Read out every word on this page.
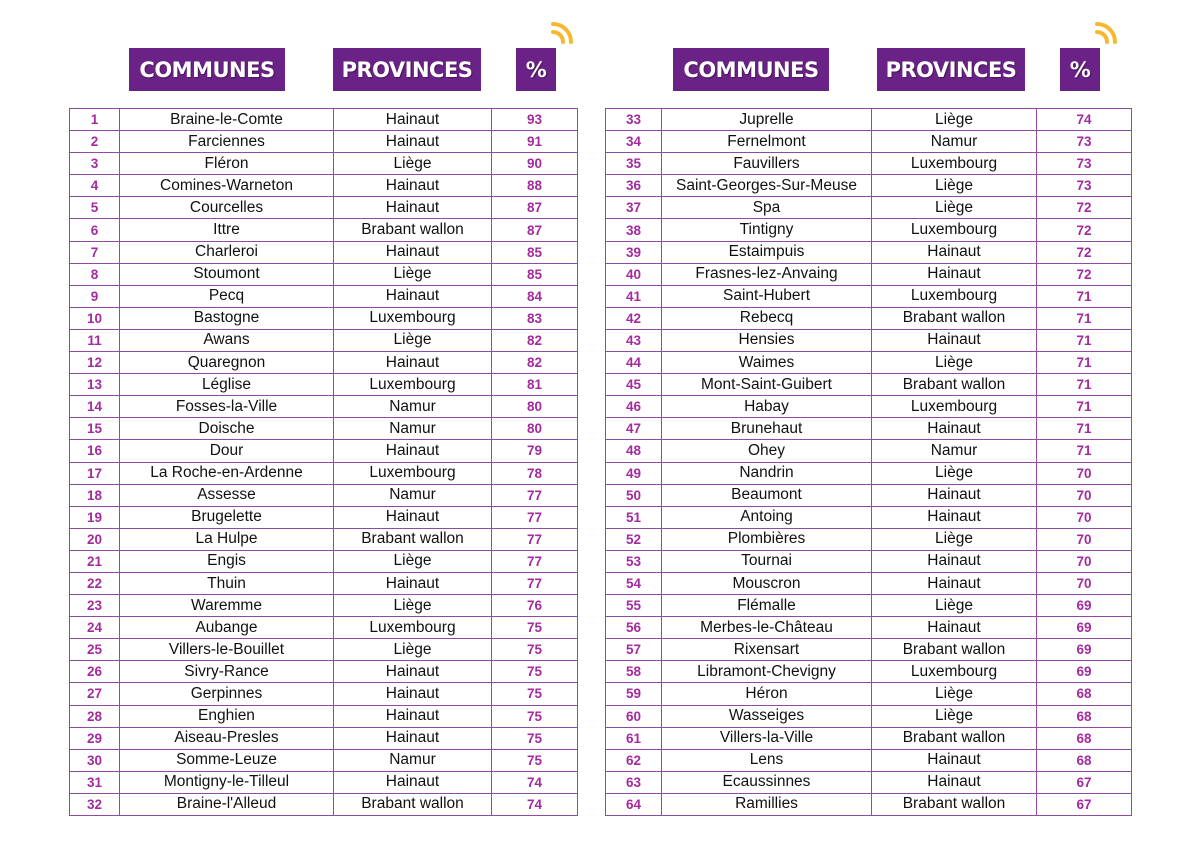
COMMUNES	PROVINCES	%	COMMUNES	PROVINCES	%
1	Braine-le-Comte	Hainaut	93
2	Farciennes	Hainaut	91
3	Fléron	Liège	90
4	Comines-Warneton	Hainaut	88
5	Courcelles	Hainaut	87
6	Ittre	Brabant wallon	87
7	Charleroi	Hainaut	85
8	Stoumont	Liège	85
9	Pecq	Hainaut	84
10	Bastogne	Luxembourg	83
11	Awans	Liège	82
12	Quaregnon	Hainaut	82
13	Léglise	Luxembourg	81
14	Fosses-la-Ville	Namur	80
15	Doische	Namur	80
16	Dour	Hainaut	79
17	La Roche-en-Ardenne	Luxembourg	78
18	Assesse	Namur	77
19	Brugelette	Hainaut	77
20	La Hulpe	Brabant wallon	77
21	Engis	Liège	77
22	Thuin	Hainaut	77
23	Waremme	Liège	76
24	Aubange	Luxembourg	75
25	Villers-le-Bouillet	Liège	75
26	Sivry-Rance	Hainaut	75
27	Gerpinnes	Hainaut	75
28	Enghien	Hainaut	75
29	Aiseau-Presles	Hainaut	75
30	Somme-Leuze	Namur	75
31	Montigny-le-Tilleul	Hainaut	74
32	Braine-l'Alleud	Brabant wallon	74
33	Juprelle	Liège	74
34	Fernelmont	Namur	73
35	Fauvillers	Luxembourg	73
36	Saint-Georges-Sur-Meuse	Liège	73
37	Spa	Liège	72
38	Tintigny	Luxembourg	72
39	Estaimpuis	Hainaut	72
40	Frasnes-lez-Anvaing	Hainaut	72
41	Saint-Hubert	Luxembourg	71
42	Rebecq	Brabant wallon	71
43	Hensies	Hainaut	71
44	Waimes	Liège	71
45	Mont-Saint-Guibert	Brabant wallon	71
46	Habay	Luxembourg	71
47	Brunehaut	Hainaut	71
48	Ohey	Namur	71
49	Nandrin	Liège	70
50	Beaumont	Hainaut	70
51	Antoing	Hainaut	70
52	Plombières	Liège	70
53	Tournai	Hainaut	70
54	Mouscron	Hainaut	70
55	Flémalle	Liège	69
56	Merbes-le-Château	Hainaut	69
57	Rixensart	Brabant wallon	69
58	Libramont-Chevigny	Luxembourg	69
59	Héron	Liège	68
60	Wasseiges	Liège	68
61	Villers-la-Ville	Brabant wallon	68
62	Lens	Hainaut	68
63	Ecaussinnes	Hainaut	67
64	Ramillies	Brabant wallon	67
